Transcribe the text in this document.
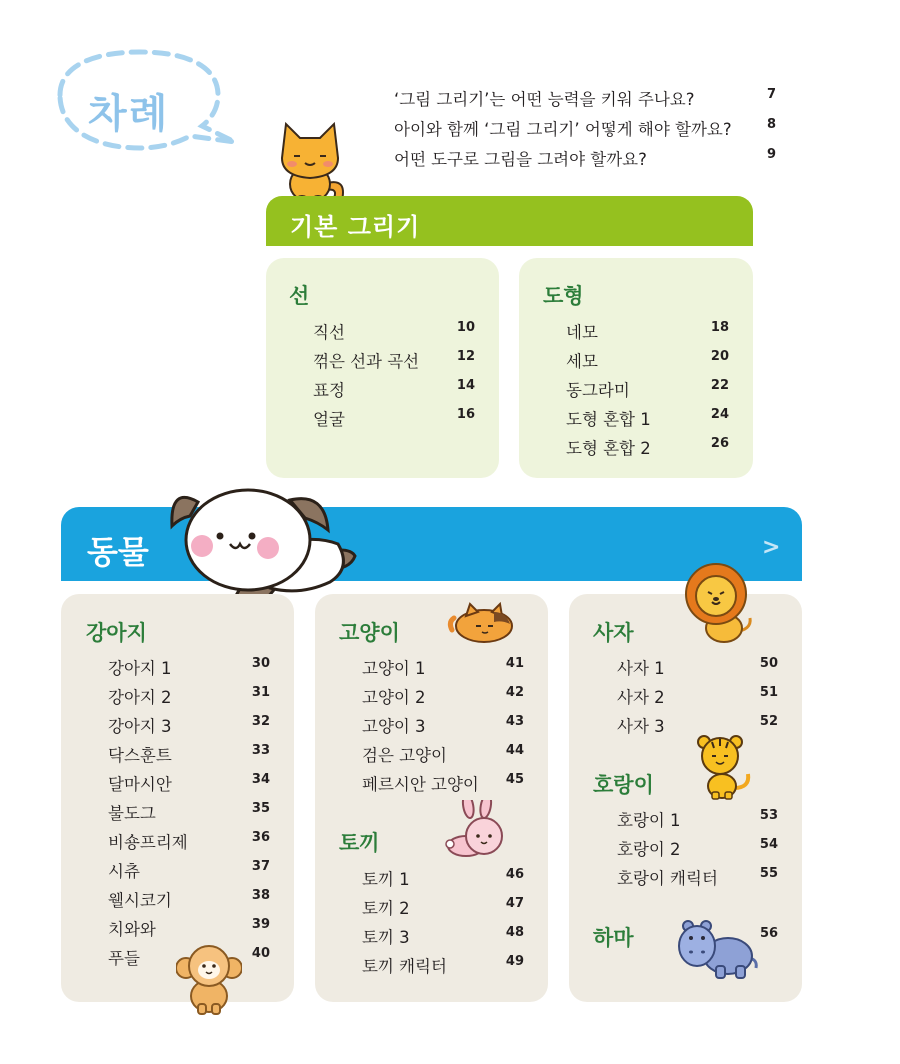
차례	‘그림 그리기’는 어떤 능력을 키워 주나요?	7
아이와 함께 ‘그림 그리기’ 어떻게 해야 할까요?	8
어떤 도구로 그림을 그려야 할까요?	9
기본 그리기
선
직선	10
꺾은 선과 곡선	12
표정	14
얼굴	16
도형
네모	18
세모	20
동그라미	22
도형 혼합 1	24
도형 혼합 2	26
동물	>
강아지
강아지 1	30
강아지 2	31
강아지 3	32
닥스훈트	33
달마시안	34
불도그	35
비숑프리제	36
시츄	37
웰시코기	38
치와와	39
푸들	40
고양이
고양이 1	41
고양이 2	42
고양이 3	43
검은 고양이	44
페르시안 고양이 45
토끼
토끼 1	46
토끼 2	47
토끼 3	48
토끼 캐릭터	49
사자
사자 1	50
사자 2	51
사자 3	52
호랑이
호랑이 1	53
호랑이 2	54
호랑이 캐릭터	55
하마	56
